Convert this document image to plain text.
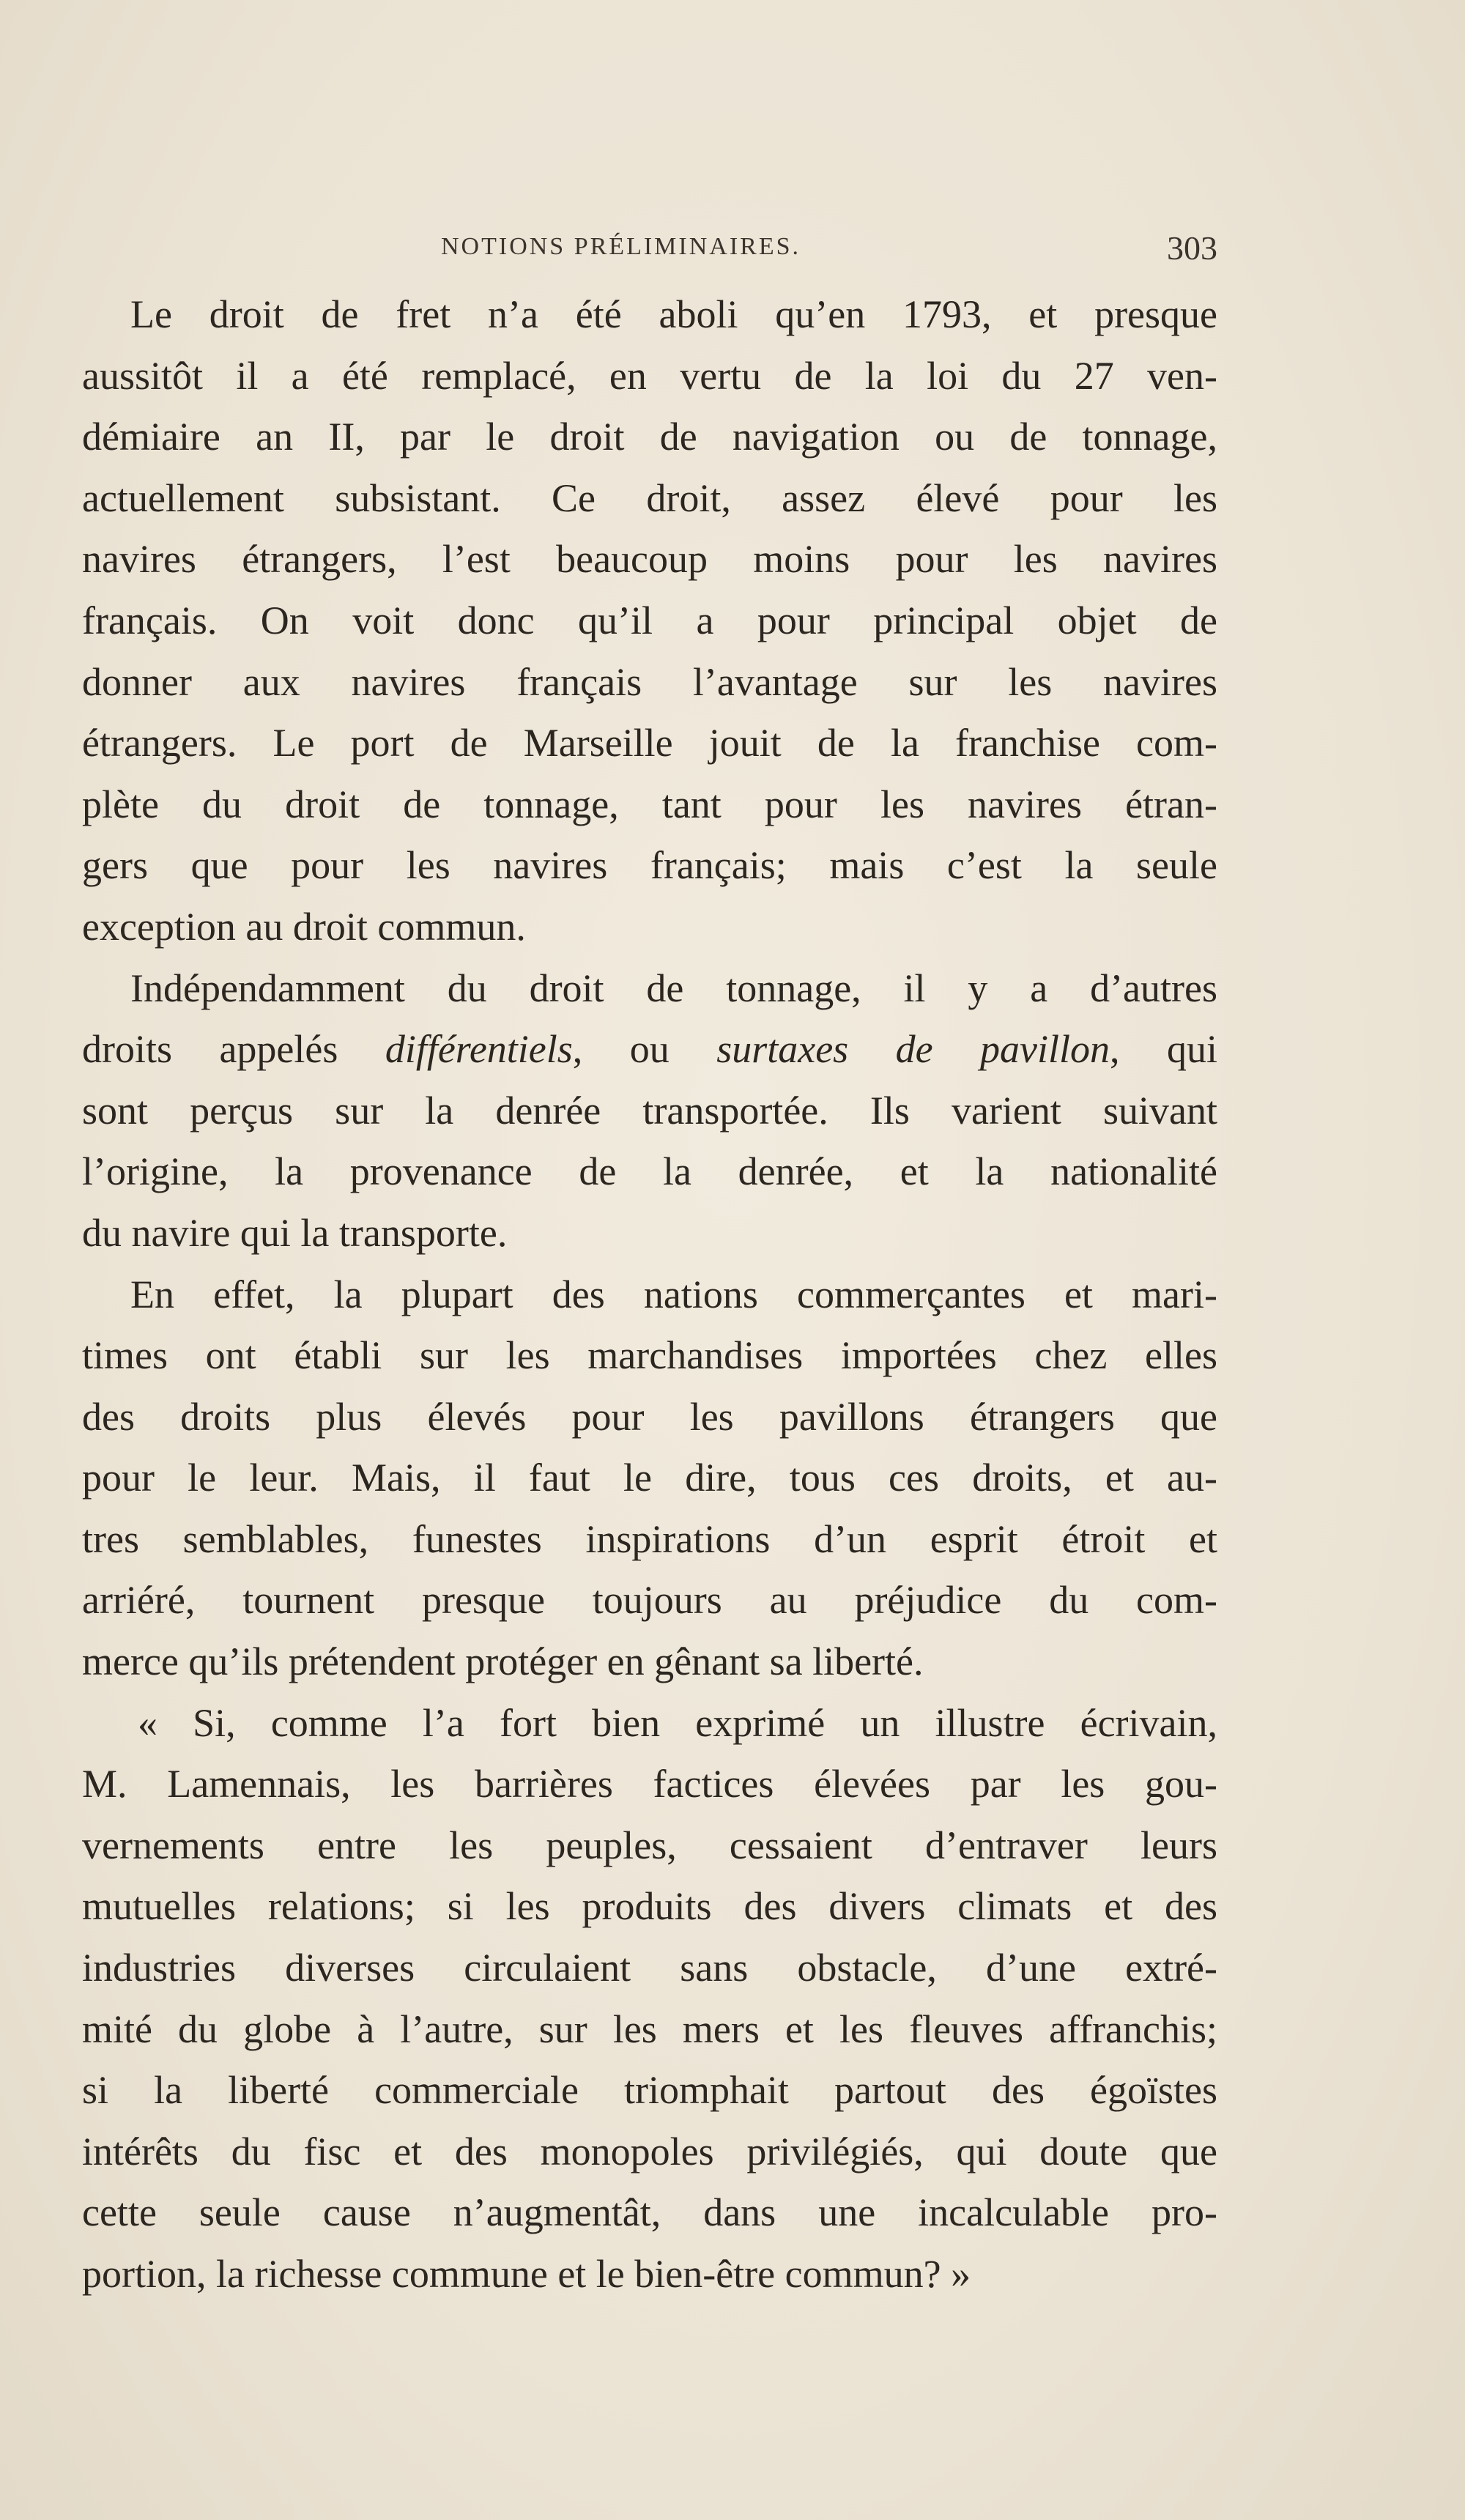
NOTIONS PRÉLIMINAIRES.	303
Le droit de fret n’a été aboli qu’en 1793, et presque
aussitôt il a été remplacé, en vertu de la loi du 27 ven-
démiaire an II, par le droit de navigation ou de tonnage,
actuellement subsistant. Ce droit, assez élevé pour les
navires étrangers, l’est beaucoup moins pour les navires
français. On voit donc qu’il a pour principal objet de
donner aux navires français l’avantage sur les navires
étrangers. Le port de Marseille jouit de la franchise com-
plète du droit de tonnage, tant pour les navires étran-
gers que pour les navires français; mais c’est la seule
exception au droit commun.
Indépendamment du droit de tonnage, il y a d’autres
droits appelés différentiels, ou surtaxes de pavillon, qui
sont perçus sur la denrée transportée. Ils varient suivant
l’origine, la provenance de la denrée, et la nationalité
du navire qui la transporte.
En effet, la plupart des nations commerçantes et mari-
times ont établi sur les marchandises importées chez elles
des droits plus élevés pour les pavillons étrangers que
pour le leur. Mais, il faut le dire, tous ces droits, et au-
tres semblables, funestes inspirations d’un esprit étroit et
arriéré, tournent presque toujours au préjudice du com-
merce qu’ils prétendent protéger en gênant sa liberté.
« Si, comme l’a fort bien exprimé un illustre écrivain,
M. Lamennais, les barrières factices élevées par les gou-
vernements entre les peuples, cessaient d’entraver leurs
mutuelles relations; si les produits des divers climats et des
industries diverses circulaient sans obstacle, d’une extré-
mité du globe à l’autre, sur les mers et les fleuves affranchis;
si la liberté commerciale triomphait partout des égoïstes
intérêts du fisc et des monopoles privilégiés, qui doute que
cette seule cause n’augmentât, dans une incalculable pro-
portion, la richesse commune et le bien-être commun? »
